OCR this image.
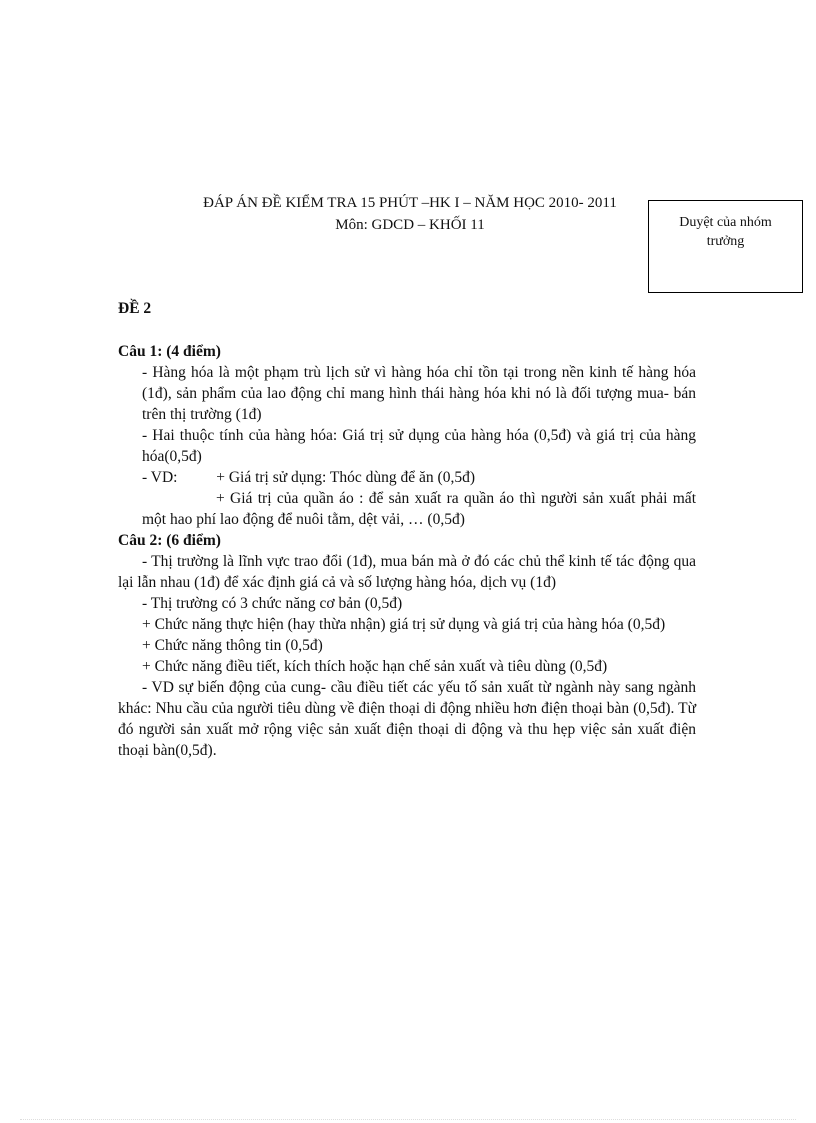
ĐÁP ÁN ĐỀ KIỂM TRA 15 PHÚT –HK I – NĂM HỌC 2010- 2011
Môn: GDCD – KHỐI 11	Duyệt của nhóm trưởng

ĐỀ 2

Câu 1: (4 điểm)

- Hàng hóa là một phạm trù lịch sử vì hàng hóa chỉ tồn tại trong nền kinh tế hàng hóa (1đ), sản phẩm của lao động chỉ mang hình thái hàng hóa khi nó là đối tượng mua- bán trên thị trường (1đ)

- Hai thuộc tính của hàng hóa: Giá trị sử dụng của hàng hóa (0,5đ) và giá trị của hàng hóa(0,5đ)

- VD:          + Giá trị sử dụng: Thóc dùng để ăn (0,5đ)

+ Giá trị của quần áo : để sản xuất ra quần áo thì người sản xuất phải mất một hao phí lao động để nuôi tằm, dệt vải, … (0,5đ)

Câu 2: (6 điểm)

- Thị trường là lĩnh vực trao đổi (1đ), mua bán mà ở đó các chủ thể kinh tế tác động qua lại lẫn nhau (1đ) để xác định giá cả và số lượng hàng hóa, dịch vụ (1đ)

- Thị trường có 3 chức năng cơ bản (0,5đ)

+ Chức năng thực hiện (hay thừa nhận) giá trị sử dụng và giá trị của hàng hóa (0,5đ)

+ Chức năng thông tin (0,5đ)

+ Chức năng điều tiết, kích thích hoặc hạn chế sản xuất và tiêu dùng (0,5đ)

- VD sự biến động của cung- cầu điều tiết các yếu tố sản xuất từ ngành này sang ngành khác: Nhu cầu của người tiêu dùng về điện thoại di động nhiều hơn điện thoại bàn (0,5đ). Từ đó người sản xuất mở rộng việc sản xuất điện thoại di động và thu hẹp việc sản xuất điện thoại bàn(0,5đ).
